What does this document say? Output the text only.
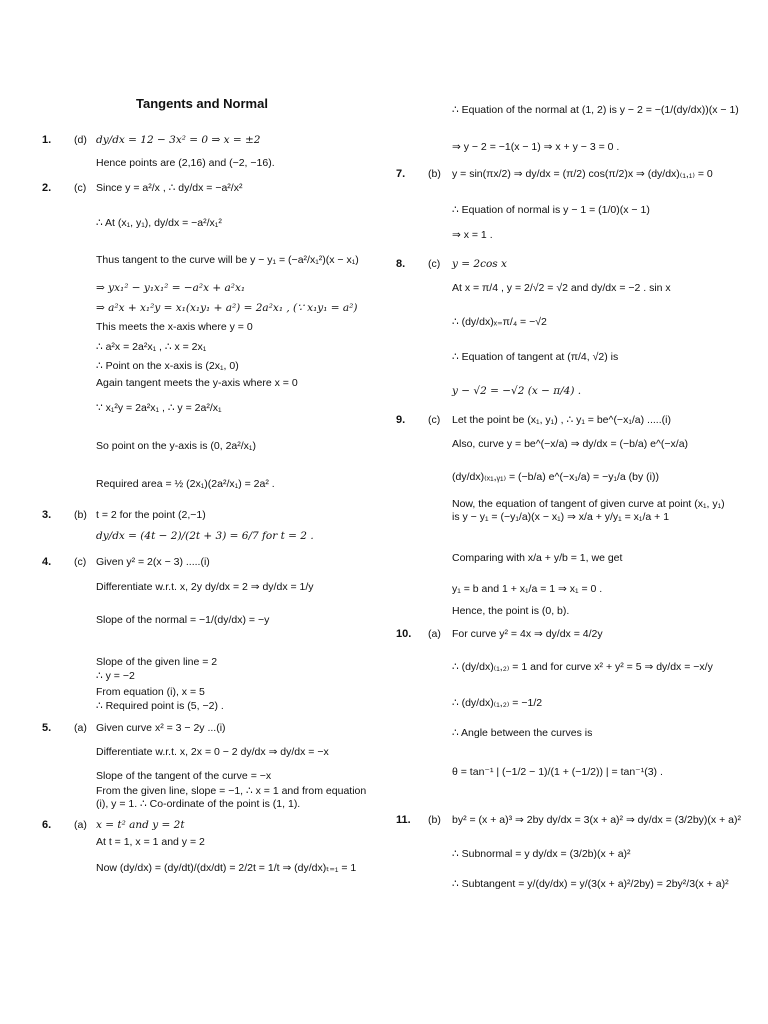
Tangents and Normal
1. (d) dy/dx = 12 − 3x² = 0 ⇒ x = ±2
Hence points are (2,16) and (−2, −16).
2. (c) Since y = a²/x , ∴ dy/dx = −a²/x²
∴ At (x₁, y₁), dy/dx = −a²/x₁²
Thus tangent to the curve will be y − y₁ = (−a²/x₁²)(x − x₁)
⇒ yx₁² − y₁x₁² = −a²x + a²x₁
⇒ a²x + x₁²y = x₁(x₁y₁ + a²) = 2a²x₁ , (∵ x₁y₁ = a²)
This meets the x-axis where y = 0
∴ a²x = 2a²x₁ , ∴ x = 2x₁
∴ Point on the x-axis is (2x₁, 0)
Again tangent meets the y-axis where x = 0
∵ x₁²y = 2a²x₁ , ∴ y = 2a²/x₁
So point on the y-axis is (0, 2a²/x₁)
Required area = ½ (2x₁)(2a²/x₁) = 2a² .
3. (b) t = 2 for the point (2,−1)
dy/dx = (4t − 2)/(2t + 3) = 6/7 for t = 2 .
4. (c) Given y² = 2(x − 3) .....(i)
Differentiate w.r.t. x, 2y dy/dx = 2 ⇒ dy/dx = 1/y
Slope of the normal = −1/(dy/dx) = −y
Slope of the given line = 2
∴ y = −2
From equation (i), x = 5
∴ Required point is (5, −2) .
5. (a) Given curve x² = 3 − 2y ...(i)
Differentiate w.r.t. x, 2x = 0 − 2 dy/dx ⇒ dy/dx = −x
Slope of the tangent of the curve = −x
From the given line, slope = −1, ∴ x = 1 and from equation (i), y = 1. ∴ Co-ordinate of the point is (1, 1).
6. (a) x = t² and y = 2t
At t = 1, x = 1 and y = 2
Now (dy/dx) = (dy/dt)/(dx/dt) = 2/2t = 1/t ⇒ (dy/dx)ₜ₌₁ = 1
∴ Equation of the normal at (1, 2) is y − 2 = −(1/(dy/dx))(x − 1)
⇒ y − 2 = −1(x − 1) ⇒ x + y − 3 = 0 .
7. (b) y = sin(πx/2) ⇒ dy/dx = (π/2) cos(π/2)x ⇒ (dy/dx)₍₁,₁₎ = 0
∴ Equation of normal is y − 1 = (1/0)(x − 1)
⇒ x = 1 .
8. (c) y = 2cos x
At x = π/4 , y = 2/√2 = √2 and dy/dx = −2 . sin x
∴ (dy/dx)ₓ₌π/₄ = −√2
∴ Equation of tangent at (π/4, √2) is
y − √2 = −√2 (x − π/4) .
9. (c) Let the point be (x₁, y₁) , ∴ y₁ = be^(−x₁/a) .....(i)
Also, curve y = be^(−x/a) ⇒ dy/dx = (−b/a) e^(−x/a)
(dy/dx)₍ₓ₁,ᵧ₁₎ = (−b/a) e^(−x₁/a) = −y₁/a (by (i))
Now, the equation of tangent of given curve at point (x₁, y₁) is y − y₁ = (−y₁/a)(x − x₁) ⇒ x/a + y/y₁ = x₁/a + 1
Comparing with x/a + y/b = 1, we get
y₁ = b and 1 + x₁/a = 1 ⇒ x₁ = 0 .
Hence, the point is (0, b).
10. (a) For curve y² = 4x ⇒ dy/dx = 4/2y
∴ (dy/dx)₍₁,₂₎ = 1 and for curve x² + y² = 5 ⇒ dy/dx = −x/y
∴ (dy/dx)₍₁,₂₎ = −1/2
∴ Angle between the curves is
θ = tan⁻¹ | (−1/2 − 1)/(1 + (−1/2)) | = tan⁻¹(3) .
11. (b) by² = (x + a)³ ⇒ 2by dy/dx = 3(x + a)² ⇒ dy/dx = (3/2by)(x + a)²
∴ Subnormal = y dy/dx = (3/2b)(x + a)²
∴ Subtangent = y/(dy/dx) = y/(3(x + a)²/2by) = 2by²/3(x + a)²
